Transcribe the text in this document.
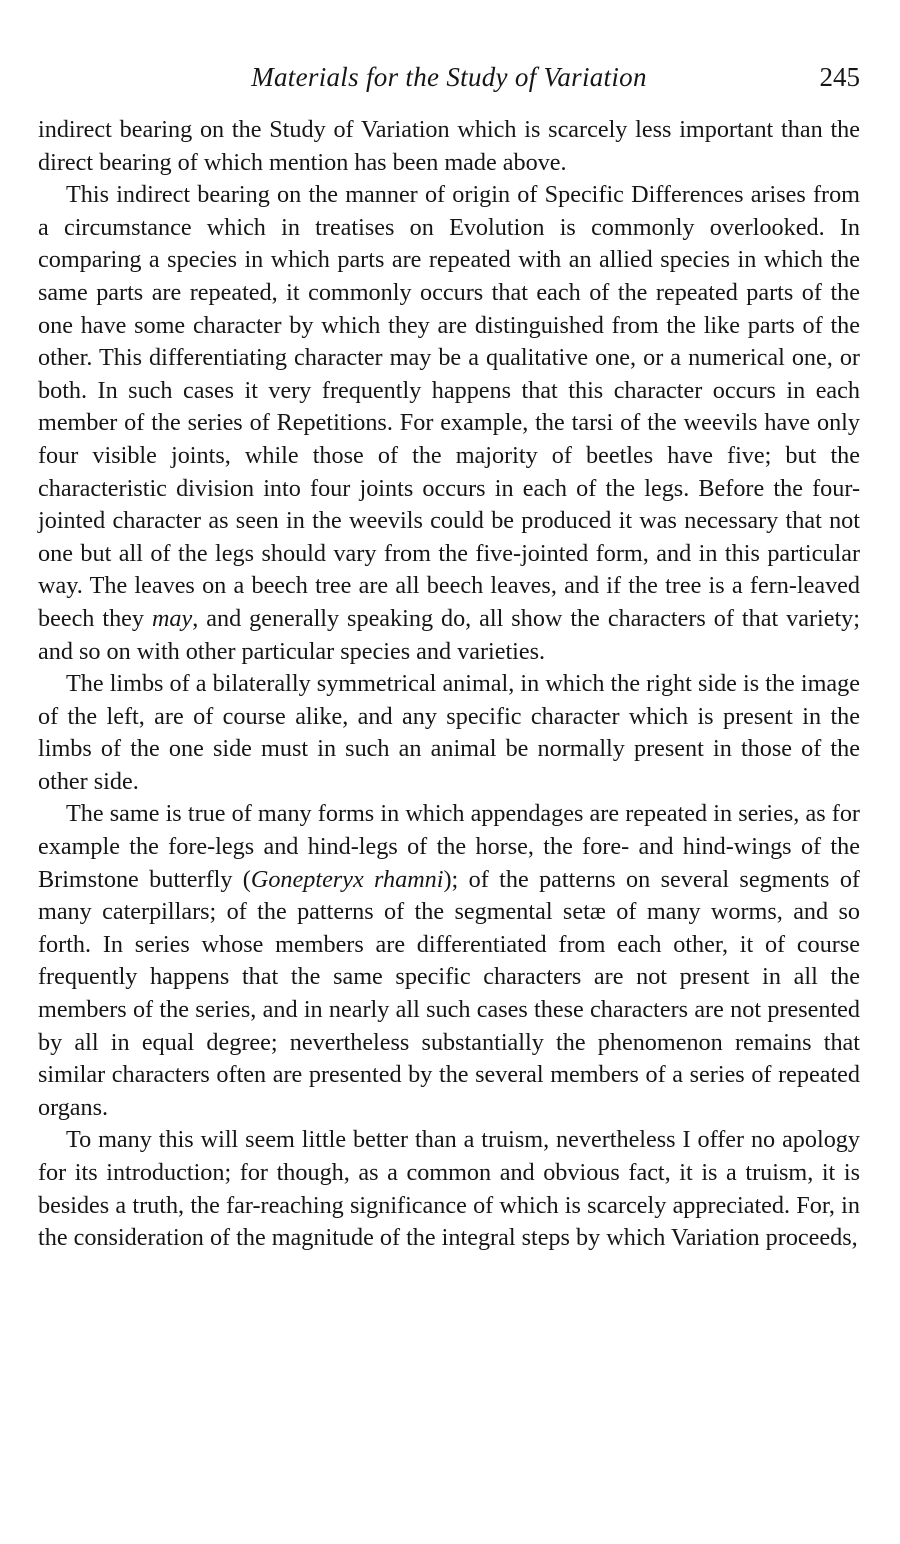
Materials for the Study of Variation	245

indirect bearing on the Study of Variation which is scarcely less important than the direct bearing of which mention has been made above.

This indirect bearing on the manner of origin of Specific Differences arises from a circumstance which in treatises on Evolution is commonly overlooked. In comparing a species in which parts are repeated with an allied species in which the same parts are repeated, it commonly occurs that each of the repeated parts of the one have some character by which they are distinguished from the like parts of the other. This differentiating character may be a qualitative one, or a numerical one, or both. In such cases it very frequently happens that this character occurs in each member of the series of Repetitions. For example, the tarsi of the weevils have only four visible joints, while those of the majority of beetles have five; but the characteristic division into four joints occurs in each of the legs. Before the four-jointed character as seen in the weevils could be produced it was necessary that not one but all of the legs should vary from the five-jointed form, and in this particular way. The leaves on a beech tree are all beech leaves, and if the tree is a fern-leaved beech they may, and generally speaking do, all show the characters of that variety; and so on with other particular species and varieties.

The limbs of a bilaterally symmetrical animal, in which the right side is the image of the left, are of course alike, and any specific character which is present in the limbs of the one side must in such an animal be normally present in those of the other side.

The same is true of many forms in which appendages are repeated in series, as for example the fore-legs and hind-legs of the horse, the fore- and hind-wings of the Brimstone butterfly (Gonepteryx rhamni); of the patterns on several segments of many caterpillars; of the patterns of the segmental setæ of many worms, and so forth. In series whose members are differentiated from each other, it of course frequently happens that the same specific characters are not present in all the members of the series, and in nearly all such cases these characters are not presented by all in equal degree; nevertheless substantially the phenomenon remains that similar characters often are presented by the several members of a series of repeated organs.

To many this will seem little better than a truism, nevertheless I offer no apology for its introduction; for though, as a common and obvious fact, it is a truism, it is besides a truth, the far-reaching significance of which is scarcely appreciated. For, in the consideration of the magnitude of the integral steps by which Variation proceeds,
